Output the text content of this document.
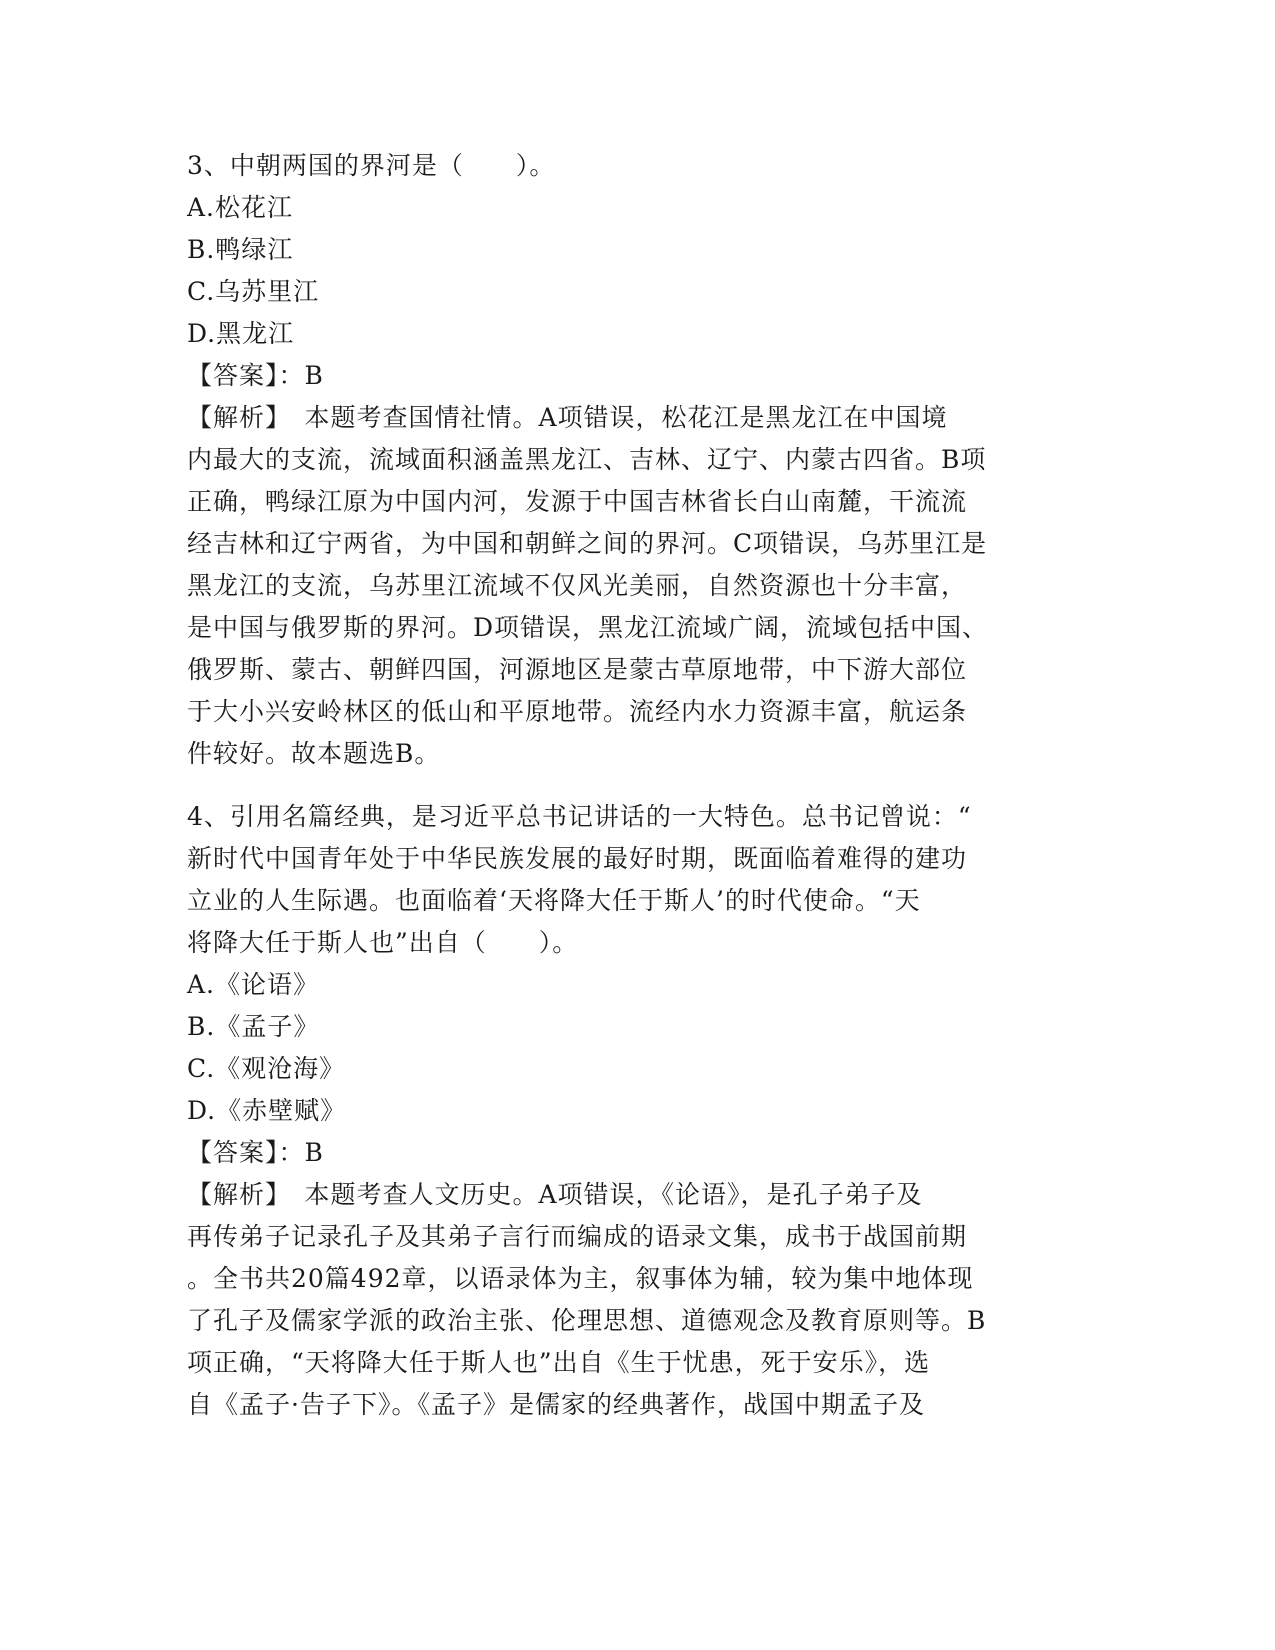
3、中朝两国的界河是（　　）。
A.松花江
B.鸭绿江
C.乌苏里江
D.黑龙江
【答案】：B
【解析】　本题考查国情社情。A项错误，松花江是黑龙江在中国境
内最大的支流，流域面积涵盖黑龙江、吉林、辽宁、内蒙古四省。B项
正确，鸭绿江原为中国内河，发源于中国吉林省长白山南麓，干流流
经吉林和辽宁两省，为中国和朝鲜之间的界河。C项错误，乌苏里江是
黑龙江的支流，乌苏里江流域不仅风光美丽，自然资源也十分丰富，
是中国与俄罗斯的界河。D项错误，黑龙江流域广阔，流域包括中国、
俄罗斯、蒙古、朝鲜四国，河源地区是蒙古草原地带，中下游大部位
于大小兴安岭林区的低山和平原地带。流经内水力资源丰富，航运条
件较好。故本题选B。
4、引用名篇经典，是习近平总书记讲话的一大特色。总书记曾说：“
新时代中国青年处于中华民族发展的最好时期，既面临着难得的建功
立业的人生际遇。也面临着‘天将降大任于斯人’的时代使命。“天
将降大任于斯人也”出自（　　）。
A.《论语》
B.《孟子》
C.《观沧海》
D.《赤壁赋》
【答案】：B
【解析】　本题考查人文历史。A项错误，《论语》，是孔子弟子及
再传弟子记录孔子及其弟子言行而编成的语录文集，成书于战国前期
。全书共20篇492章，以语录体为主，叙事体为辅，较为集中地体现
了孔子及儒家学派的政治主张、伦理思想、道德观念及教育原则等。B
项正确，“天将降大任于斯人也”出自《生于忧患，死于安乐》，选
自《孟子·告子下》。《孟子》是儒家的经典著作，战国中期孟子及
